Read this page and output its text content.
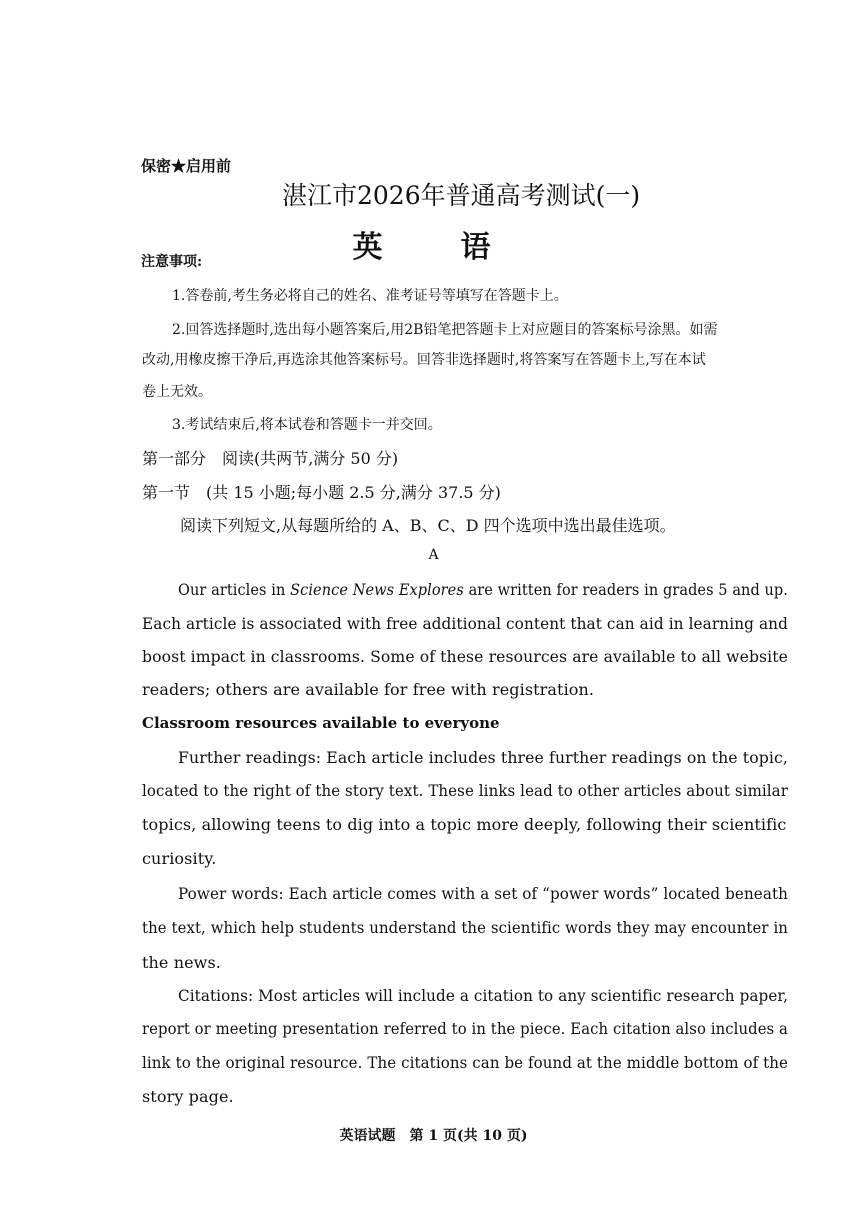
保密★启用前
湛江市2026年普通高考测试(一)
英　语
注意事项:
1.答卷前,考生务必将自己的姓名、准考证号等填写在答题卡上。
2.回答选择题时,选出每小题答案后,用2B铅笔把答题卡上对应题目的答案标号涂黑。如需
改动,用橡皮擦干净后,再选涂其他答案标号。回答非选择题时,将答案写在答题卡上,写在本试
卷上无效。
3.考试结束后,将本试卷和答题卡一并交回。
第一部分　阅读(共两节,满分 50 分)
第一节　(共 15 小题;每小题 2.5 分,满分 37.5 分)
阅读下列短文,从每题所给的 A、B、C、D 四个选项中选出最佳选项。
A
Our articles in Science News Explores are written for readers in grades 5 and up.
Each article is associated with free additional content that can aid in learning and
boost impact in classrooms. Some of these resources are available to all website
readers; others are available for free with registration.
Classroom resources available to everyone
Further readings: Each article includes three further readings on the topic,
located to the right of the story text. These links lead to other articles about similar
topics, allowing teens to dig into a topic more deeply, following their scientific
curiosity.
Power words: Each article comes with a set of “power words” located beneath
the text, which help students understand the scientific words they may encounter in
the news.
Citations: Most articles will include a citation to any scientific research paper,
report or meeting presentation referred to in the piece. Each citation also includes a
link to the original resource. The citations can be found at the middle bottom of the
story page.
英语试题　第 1 页(共 10 页)
